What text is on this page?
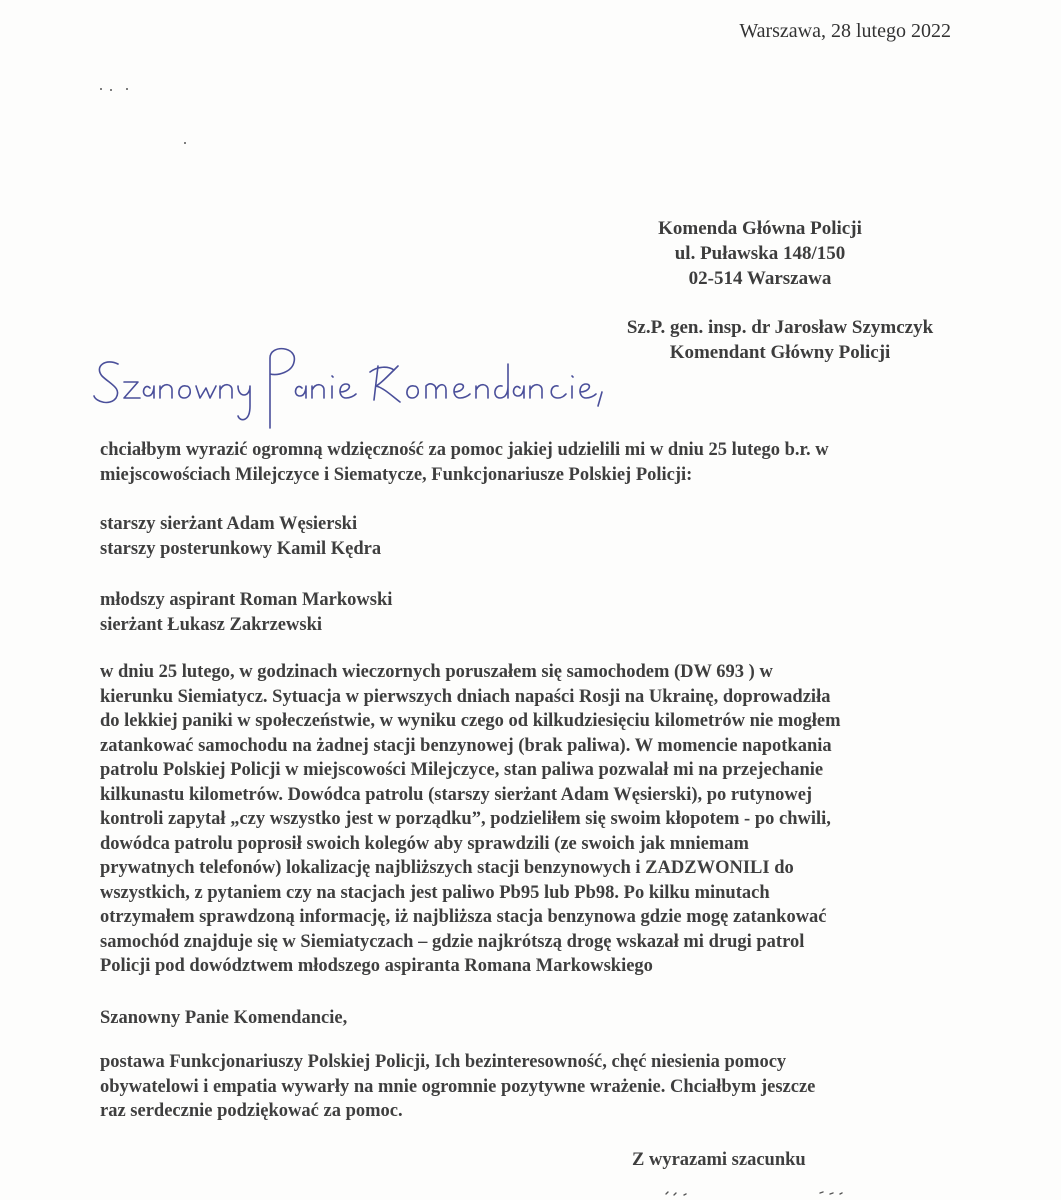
Warszawa, 28 lutego 2022
Komenda Główna Policji
ul. Puławska 148/150
02-514 Warszawa
Sz.P. gen. insp. dr Jarosław Szymczyk
Komendant Główny Policji
chciałbym wyrazić ogromną wdzięczność za pomoc jakiej udzielili mi w dniu 25 lutego b.r. w
miejscowościach Milejczyce i Siematycze, Funkcjonariusze Polskiej Policji:
starszy sierżant Adam Węsierski
starszy posterunkowy Kamil Kędra
młodszy aspirant Roman Markowski
sierżant Łukasz Zakrzewski
w dniu 25 lutego, w godzinach wieczornych poruszałem się samochodem (DW 693 ) w
kierunku Siemiatycz. Sytuacja w pierwszych dniach napaści Rosji na Ukrainę, doprowadziła
do lekkiej paniki w społeczeństwie, w wyniku czego od kilkudziesięciu kilometrów nie mogłem
zatankować samochodu na żadnej stacji benzynowej (brak paliwa). W momencie napotkania
patrolu Polskiej Policji w miejscowości Milejczyce, stan paliwa pozwalał mi na przejechanie
kilkunastu kilometrów. Dowódca patrolu (starszy sierżant Adam Węsierski), po rutynowej
kontroli zapytał „czy wszystko jest w porządku”, podzieliłem się swoim kłopotem - po chwili,
dowódca patrolu poprosił swoich kolegów aby sprawdzili (ze swoich jak mniemam
prywatnych telefonów) lokalizację najbliższych stacji benzynowych i ZADZWONILI do
wszystkich, z pytaniem czy na stacjach jest paliwo Pb95 lub Pb98. Po kilku minutach
otrzymałem sprawdzoną informację, iż najbliższa stacja benzynowa gdzie mogę zatankować
samochód znajduje się w Siemiatyczach – gdzie najkrótszą drogę wskazał mi drugi patrol
Policji pod dowództwem młodszego aspiranta Romana Markowskiego
Szanowny Panie Komendancie,
postawa Funkcjonariuszy Polskiej Policji, Ich bezinteresowność, chęć niesienia pomocy
obywatelowi i empatia wywarły na mnie ogromnie pozytywne wrażenie. Chciałbym jeszcze
raz serdecznie podziękować za pomoc.
Z wyrazami szacunku
